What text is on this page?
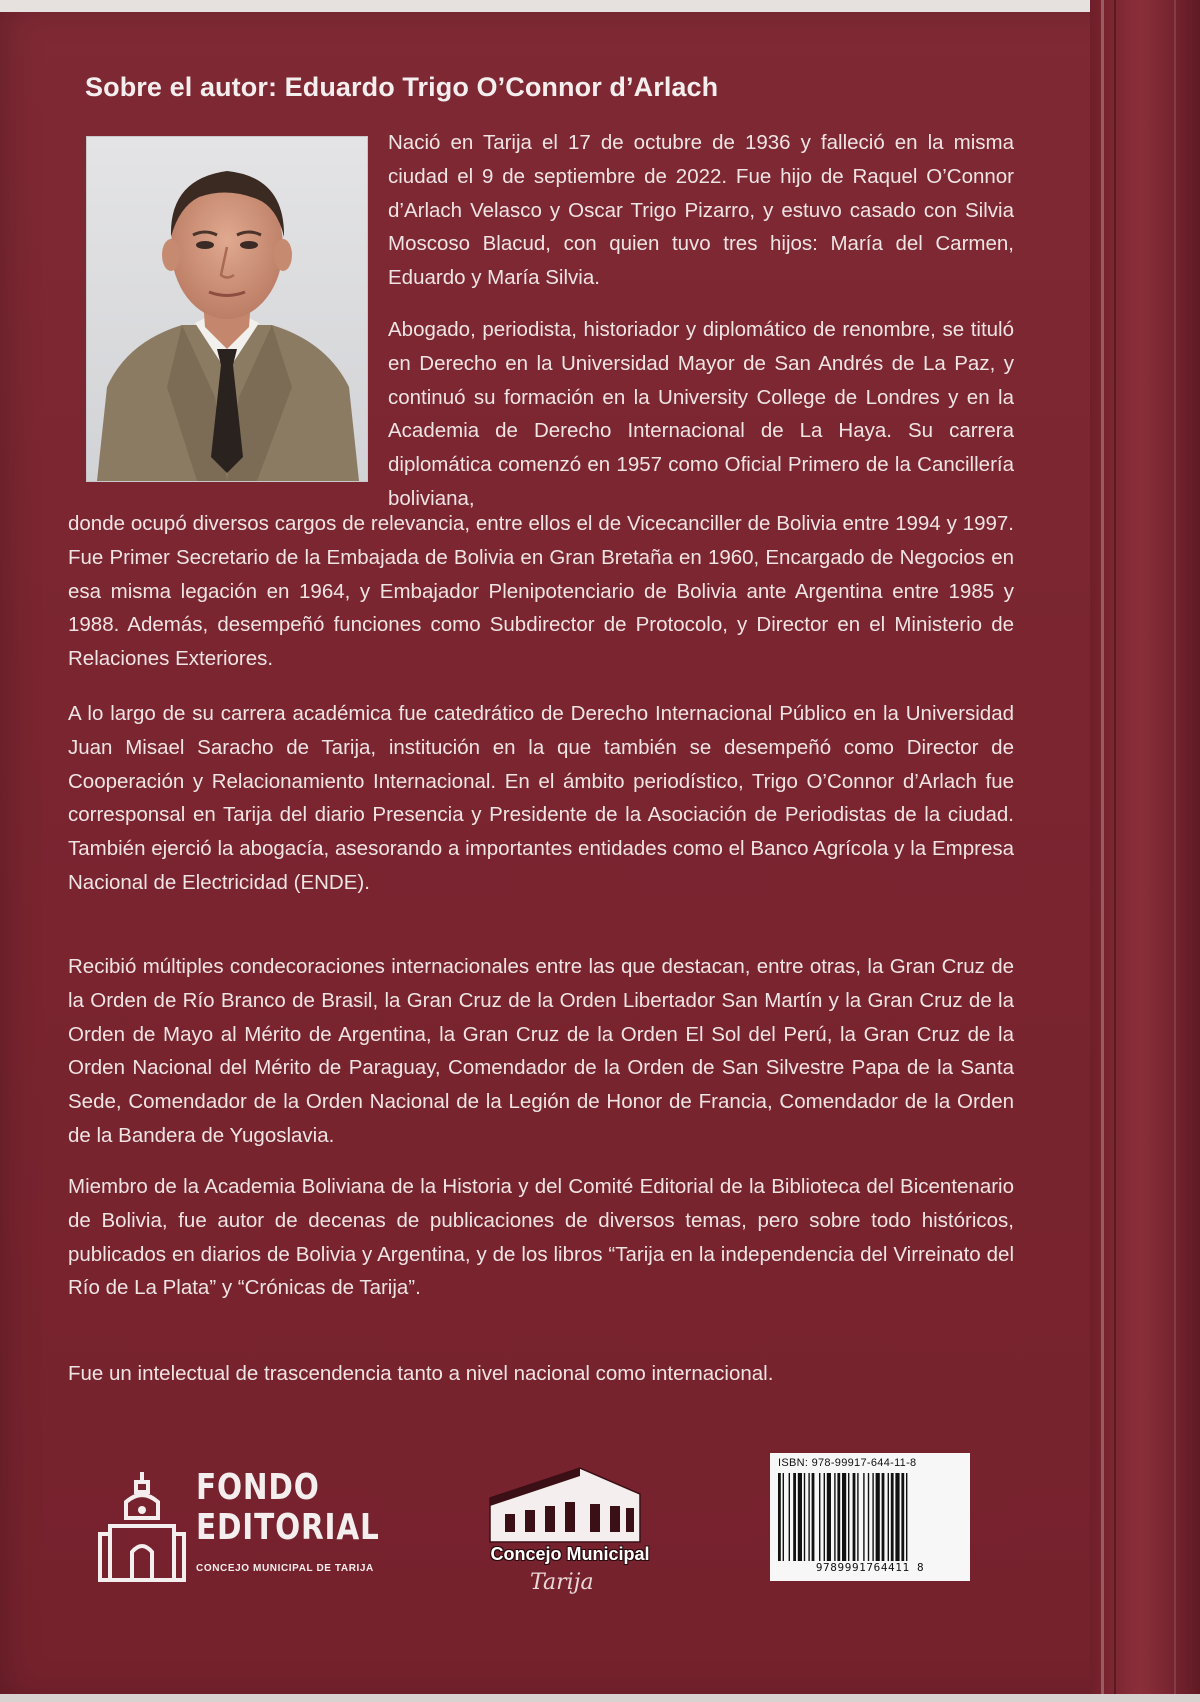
Sobre el autor: Eduardo Trigo O’Connor d’Arlach

Nació en Tarija el 17 de octubre de 1936 y falleció en la misma ciudad el 9 de septiembre de 2022. Fue hijo de Raquel O’Connor d’Arlach Velasco y Oscar Trigo Pizarro, y estuvo casado con Silvia Moscoso Blacud, con quien tuvo tres hijos: María del Carmen, Eduardo y María Silvia.

Abogado, periodista, historiador y diplomático de renombre, se tituló en Derecho en la Universidad Mayor de San Andrés de La Paz, y continuó su formación en la University College de Londres y en la Academia de Derecho Internacional de La Haya. Su carrera diplomática comenzó en 1957 como Oficial Primero de la Cancillería boliviana,

donde ocupó diversos cargos de relevancia, entre ellos el de Vicecanciller de Bolivia entre 1994 y 1997. Fue Primer Secretario de la Embajada de Bolivia en Gran Bretaña en 1960, Encargado de Negocios en esa misma legación en 1964, y Embajador Plenipotenciario de Bolivia ante Argentina entre 1985 y 1988. Además, desempeñó funciones como Subdirector de Protocolo, y Director en el Ministerio de Relaciones Exteriores.

A lo largo de su carrera académica fue catedrático de Derecho Internacional Público en la Universidad Juan Misael Saracho de Tarija, institución en la que también se desempeñó como Director de Cooperación y Relacionamiento Internacional. En el ámbito periodístico, Trigo O’Connor d’Arlach fue corresponsal en Tarija del diario Presencia y Presidente de la Asociación de Periodistas de la ciudad. También ejerció la abogacía, asesorando a importantes entidades como el Banco Agrícola y la Empresa Nacional de Electricidad (ENDE).

Recibió múltiples condecoraciones internacionales entre las que destacan, entre otras, la Gran Cruz de la Orden de Río Branco de Brasil, la Gran Cruz de la Orden Libertador San Martín y la Gran Cruz de la Orden de Mayo al Mérito de Argentina, la Gran Cruz de la Orden El Sol del Perú, la Gran Cruz de la Orden Nacional del Mérito de Paraguay, Comendador de la Orden de San Silvestre Papa de la Santa Sede, Comendador de la Orden Nacional de la Legión de Honor de Francia, Comendador de la Orden de la Bandera de Yugoslavia.

Miembro de la Academia Boliviana de la Historia y del Comité Editorial de la Biblioteca del Bicentenario de Bolivia, fue autor de decenas de publicaciones de diversos temas, pero sobre todo históricos, publicados en diarios de Bolivia y Argentina, y de los libros “Tarija en la independencia del Virreinato del Río de La Plata” y “Crónicas de Tarija”.

Fue un intelectual de trascendencia tanto a nivel nacional como internacional.

FONDO
EDITORIAL
CONCEJO MUNICIPAL DE TARIJA
Concejo Municipal
Tarija
ISBN: 978-99917-644-11-8
9789991764411 8
